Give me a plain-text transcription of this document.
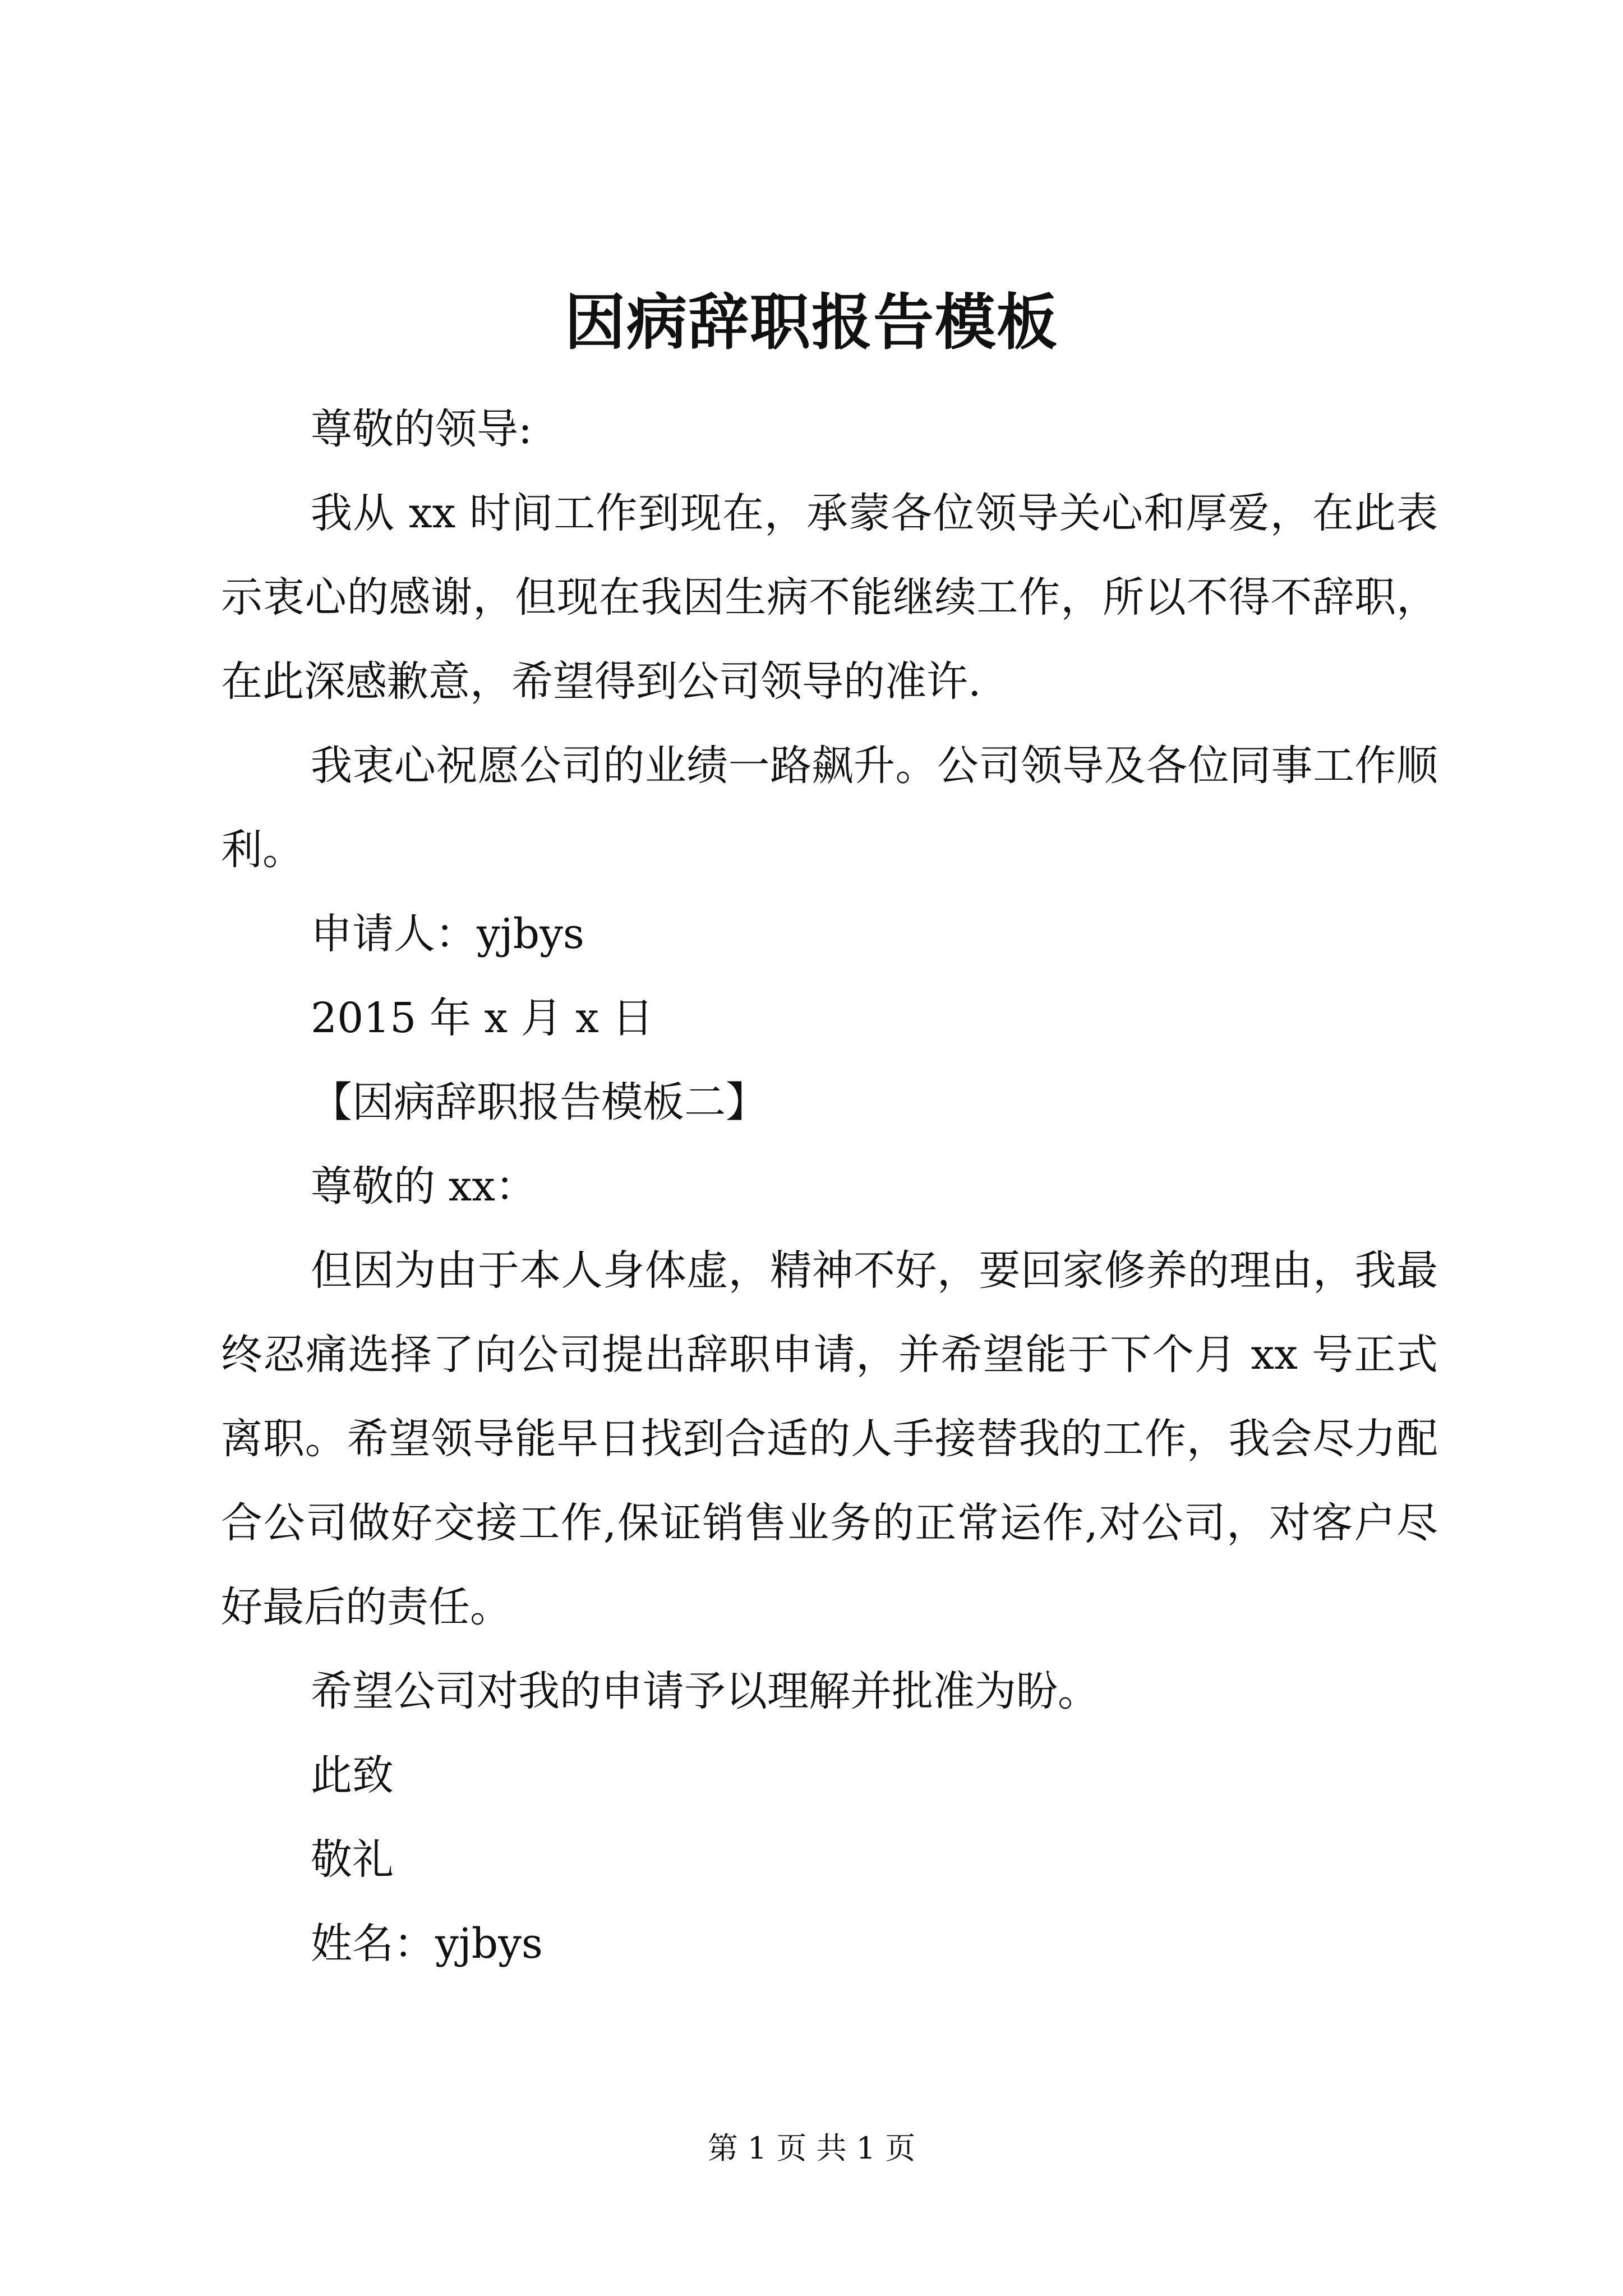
因病辞职报告模板

尊敬的领导:

我从 xx 时间工作到现在，承蒙各位领导关心和厚爱，在此表示衷心的感谢，但现在我因生病不能继续工作，所以不得不辞职，在此深感歉意，希望得到公司领导的准许.

我衷心祝愿公司的业绩一路飙升。公司领导及各位同事工作顺利。

申请人：yjbys

2015 年 x 月 x 日

【因病辞职报告模板二】

尊敬的 xx：

但因为由于本人身体虚，精神不好，要回家修养的理由，我最终忍痛选择了向公司提出辞职申请，并希望能于下个月 xx 号正式离职。希望领导能早日找到合适的人手接替我的工作，我会尽力配合公司做好交接工作,保证销售业务的正常运作,对公司，对客户尽好最后的责任。

希望公司对我的申请予以理解并批准为盼。

此致

敬礼

姓名：yjbys

第 1 页 共 1 页
